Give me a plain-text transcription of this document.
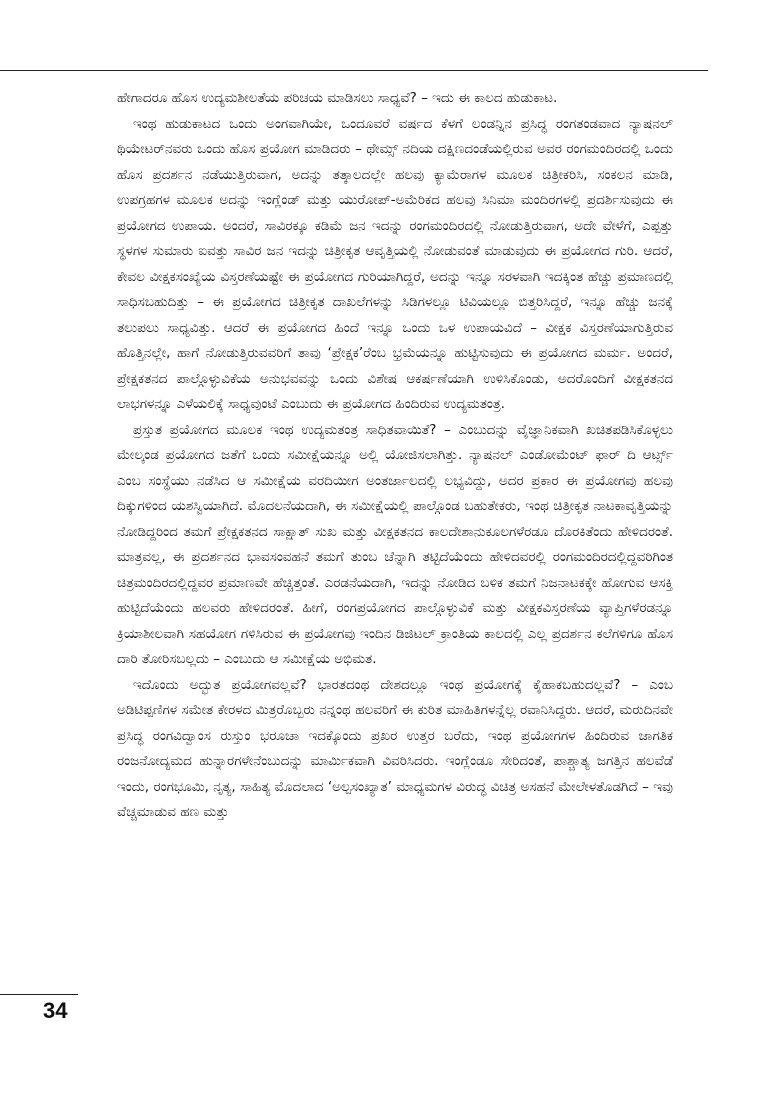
ಹೇಗಾದರೂ ಹೊಸ ಉದ್ಯಮಶೀಲತೆಯ ಪರಿಚಯ ಮಾಡಿಸಲು ಸಾಧ್ಯವೆ? – ಇದು ಈ ಕಾಲದ ಹುಡುಕಾಟ.

ಇಂಥ ಹುಡುಕಾಟದ ಒಂದು ಅಂಗವಾಗಿಯೇ, ಒಂದೂವರೆ ವರ್ಷದ ಕೆಳಗೆ ಲಂಡನ್ನಿನ ಪ್ರಸಿದ್ಧ ರಂಗತಂಡವಾದ ನ್ಯಾಷನಲ್ ಥಿಯೇಟರ್‌ನವರು ಒಂದು ಹೊಸ ಪ್ರಯೋಗ ಮಾಡಿದರು – ಥೇಮ್ಸ್ ನದಿಯ ದಕ್ಷಿಣದಂಡೆಯಲ್ಲಿರುವ ಅವರ ರಂಗಮಂದಿರದಲ್ಲಿ ಒಂದು ಹೊಸ ಪ್ರದರ್ಶನ ನಡೆಯುತ್ತಿರುವಾಗ, ಅದನ್ನು ತತ್ಕಾಲದಲ್ಲೇ ಹಲವು ಕ್ಯಾಮೆರಾಗಳ ಮೂಲಕ ಚಿತ್ರೀಕರಿಸಿ, ಸಂಕಲನ ಮಾಡಿ, ಉಪಗ್ರಹಗಳ ಮೂಲಕ ಅದನ್ನು ಇಂಗ್ಲೆಂಡ್ ಮತ್ತು ಯುರೋಪ್-ಅಮೆರಿಕದ ಹಲವು ಸಿನಿಮಾ ಮಂದಿರಗಳಲ್ಲಿ ಪ್ರದರ್ಶಿಸುವುದು ಈ ಪ್ರಯೋಗದ ಉಪಾಯ. ಅಂದರೆ, ಸಾವಿರಕ್ಕೂ ಕಡಿಮೆ ಜನ ಇದನ್ನು ರಂಗಮಂದಿರದಲ್ಲಿ ನೋಡುತ್ತಿರುವಾಗ, ಅದೇ ವೇಳೆಗೆ, ಎಪ್ಪತ್ತು ಸ್ಥಳಗಳ ಸುಮಾರು ಐವತ್ತು ಸಾವಿರ ಜನ ಇದನ್ನು ಚಿತ್ರೀಕೃತ ಆವೃತ್ತಿಯಲ್ಲಿ ನೋಡುವಂತೆ ಮಾಡುವುದು ಈ ಪ್ರಯೋಗದ ಗುರಿ. ಆದರೆ, ಕೇವಲ ವೀಕ್ಷಕಸಂಖ್ಯೆಯ ವಿಸ್ತರಣೆಯಷ್ಟೇ ಈ ಪ್ರಯೋಗದ ಗುರಿಯಾಗಿದ್ದರೆ, ಅದನ್ನು ಇನ್ನೂ ಸರಳವಾಗಿ ಇದಕ್ಕಿಂತ ಹೆಚ್ಚು ಪ್ರಮಾಣದಲ್ಲಿ ಸಾಧಿಸಬಹುದಿತ್ತು – ಈ ಪ್ರಯೋಗದ ಚಿತ್ರೀಕೃತ ದಾಖಲೆಗಳನ್ನು ಸಿಡಿಗಳಲ್ಲೂ ಟಿವಿಯಲ್ಲೂ ಬಿತ್ತರಿಸಿದ್ದರೆ, ಇನ್ನೂ ಹೆಚ್ಚು ಜನಕ್ಕೆ ತಲುಪಲು ಸಾಧ್ಯವಿತ್ತು. ಆದರೆ ಈ ಪ್ರಯೋಗದ ಹಿಂದೆ ಇನ್ನೂ ಒಂದು ಒಳ ಉಪಾಯವಿದೆ – ವೀಕ್ಷಕ ವಿಸ್ತರಣೆಯಾಗುತ್ತಿರುವ ಹೊತ್ತಿನಲ್ಲೇ, ಹಾಗೆ ನೋಡುತ್ತಿರುವವರಿಗೆ ತಾವು ‘ಪ್ರೇಕ್ಷಕ’ರೆಂಬ ಭ್ರಮೆಯನ್ನೂ ಹುಟ್ಟಿಸುವುದು ಈ ಪ್ರಯೋಗದ ಮರ್ಮ. ಅಂದರೆ, ಪ್ರೇಕ್ಷಕತನದ ಪಾಲ್ಗೊಳ್ಳುವಿಕೆಯ ಅನುಭವವನ್ನು ಒಂದು ವಿಶೇಷ ಆಕರ್ಷಣೆಯಾಗಿ ಉಳಿಸಿಕೊಂಡು, ಅದರೊಂದಿಗೆ ವೀಕ್ಷಕತನದ ಲಾಭಗಳನ್ನೂ ಎಳೆಯಲಿಕ್ಕೆ ಸಾಧ್ಯವುಂಟೆ ಎಂಬುದು ಈ ಪ್ರಯೋಗದ ಹಿಂದಿರುವ ಉದ್ಯಮತಂತ್ರ.

ಪ್ರಸ್ತುತ ಪ್ರಯೋಗದ ಮೂಲಕ ಇಂಥ ಉದ್ಯಮತಂತ್ರ ಸಾಧಿತವಾಯಿತೆ? – ಎಂಬುದನ್ನು ವೈಜ್ಞಾನಿಕವಾಗಿ ಖಚಿತಪಡಿಸಿಕೊಳ್ಳಲು ಮೇಲ್ಕಂಡ ಪ್ರಯೋಗದ ಜತೆಗೆ ಒಂದು ಸಮೀಕ್ಷೆಯನ್ನೂ ಅಲ್ಲಿ ಯೋಜಿಸಲಾಗಿತ್ತು. ನ್ಯಾಷನಲ್ ಎಂಡೋಮೆಂಟ್ ಫಾರ್ ದಿ ಆರ್ಟ್ಸ್ ಎಂಬ ಸಂಸ್ಥೆಯು ನಡೆಸಿದ ಆ ಸಮೀಕ್ಷೆಯ ವರದಿಯೀಗ ಅಂತರ್ಜಾಲದಲ್ಲಿ ಲಭ್ಯವಿದ್ದು, ಅದರ ಪ್ರಕಾರ ಈ ಪ್ರಯೋಗವು ಹಲವು ದಿಕ್ಕುಗಳಿಂದ ಯಶಸ್ವಿಯಾಗಿದೆ. ಮೊದಲನೆಯದಾಗಿ, ಈ ಸಮೀಕ್ಷೆಯಲ್ಲಿ ಪಾಲ್ಗೊಂಡ ಬಹುತೇಕರು, ಇಂಥ ಚಿತ್ರೀಕೃತ ನಾಟಕಾವೃತ್ತಿಯನ್ನು ನೋಡಿದ್ದರಿಂದ ತಮಗೆ ಪ್ರೇಕ್ಷಕತನದ ಸಾಕ್ಷಾತ್ ಸುಖ ಮತ್ತು ವೀಕ್ಷಕತನದ ಕಾಲದೇಶಾನುಕೂಲಗಳೆರಡೂ ದೊರಕಿತೆಂದು ಹೇಳಿದರಂತೆ. ಮಾತ್ರವಲ್ಲ, ಈ ಪ್ರದರ್ಶನದ ಭಾವಸಂವಹನೆ ತಮಗೆ ತುಂಬ ಚೆನ್ನಾಗಿ ತಟ್ಟಿದೆಯೆಂದು ಹೇಳಿದವರಲ್ಲಿ ರಂಗಮಂದಿರದಲ್ಲಿದ್ದವರಿಗಿಂತ ಚಿತ್ರಮಂದಿರದಲ್ಲಿದ್ದವರ ಪ್ರಮಾಣವೇ ಹೆಚ್ಚಿತ್ತಂತೆ. ಎರಡನೆಯದಾಗಿ, ಇದನ್ನು ನೋಡಿದ ಬಳಿಕ ತಮಗೆ ನಿಜನಾಟಕಕ್ಕೇ ಹೋಗುವ ಆಸಕ್ತಿ ಹುಟ್ಟಿದೆಯೆಂದು ಹಲವರು ಹೇಳಿದರಂತೆ. ಹೀಗೆ, ರಂಗಪ್ರಯೋಗದ ಪಾಲ್ಗೊಳ್ಳುವಿಕೆ ಮತ್ತು ವೀಕ್ಷಕವಿಸ್ತರಣೆಯ ವ್ಯಾಪ್ತಿಗಳೆರಡನ್ನೂ ಕ್ರಿಯಾಶೀಲವಾಗಿ ಸಹಯೋಗ ಗಳಿಸಿರುವ ಈ ಪ್ರಯೋಗವು ಇಂದಿನ ಡಿಜಿಟಲ್ ಕ್ರಾಂತಿಯ ಕಾಲದಲ್ಲಿ ಎಲ್ಲ ಪ್ರದರ್ಶನ ಕಲೆಗಳಿಗೂ ಹೊಸ ದಾರಿ ತೋರಿಸಬಲ್ಲದು – ಎಂಬುದು ಆ ಸಮೀಕ್ಷೆಯ ಅಭಿಮತ.

ಇದೊಂದು ಅದ್ಭುತ ಪ್ರಯೋಗವಲ್ಲವೆ? ಭಾರತದಂಥ ದೇಶದಲ್ಲೂ ಇಂಥ ಪ್ರಯೋಗಕ್ಕೆ ಕೈಹಾಕಬಹುದಲ್ಲವೆ? – ಎಂಬ ಅಡಿಟಿಪ್ಪಣಿಗಳ ಸಮೇತ ಕೇರಳದ ಮಿತ್ರರೊಬ್ಬರು ನನ್ನಂಥ ಹಲವರಿಗೆ ಈ ಕುರಿತ ಮಾಹಿತಿಗಳನ್ನೆಲ್ಲ ರವಾನಿಸಿದ್ದರು. ಆದರೆ, ಮರುದಿನವೇ ಪ್ರಸಿದ್ಧ ರಂಗವಿದ್ವಾಂಸ ರುಸ್ತುಂ ಭರೂಚಾ ಇದಕ್ಕೊಂದು ಪ್ರಖರ ಉತ್ತರ ಬರೆದು, ಇಂಥ ಪ್ರಯೋಗಗಳ ಹಿಂದಿರುವ ಜಾಗತಿಕ ರಂಜನೋದ್ಯಮದ ಹುನ್ನಾರಗಳೇನೆಂಬುದನ್ನು ಮಾರ್ಮಿಕವಾಗಿ ವಿವರಿಸಿದರು. ಇಂಗ್ಲೆಂಡೂ ಸೇರಿದಂತೆ, ಪಾಶ್ಚಾತ್ಯ ಜಗತ್ತಿನ ಹಲವೆಡೆ ಇಂದು, ರಂಗಭೂಮಿ, ನೃತ್ಯ, ಸಾಹಿತ್ಯ ಮೊದಲಾದ ‘ಅಲ್ಪಸಂಖ್ಯಾತ’ ಮಾಧ್ಯಮಗಳ ವಿರುದ್ಧ ವಿಚಿತ್ರ ಅಸಹನೆ ಮೇಲೇಳತೊಡಗಿದೆ – ಇವು ವೆಚ್ಚಮಾಡುವ ಹಣ ಮತ್ತು

34
